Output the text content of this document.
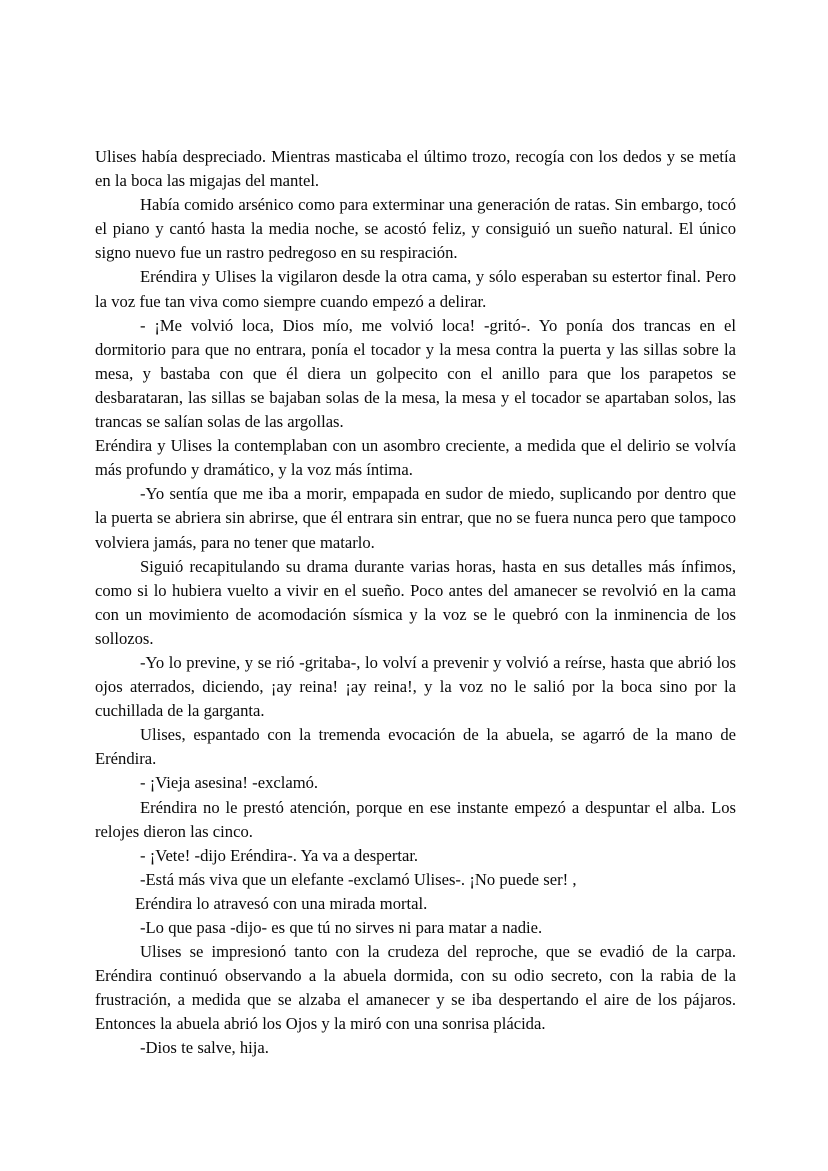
Ulises había despreciado. Mientras masticaba el último trozo, recogía con los dedos y se metía en la boca las migajas del mantel.

Había comido arsénico como para exterminar una generación de ratas. Sin embargo, tocó el piano y cantó hasta la media noche, se acostó feliz, y consiguió un sueño natural. El único signo nuevo fue un rastro pedregoso en su respiración.

Eréndira y Ulises la vigilaron desde la otra cama, y sólo esperaban su estertor final. Pero la voz fue tan viva como siempre cuando empezó a delirar.

- ¡Me volvió loca, Dios mío, me volvió loca! -gritó-. Yo ponía dos trancas en el dormitorio para que no entrara, ponía el tocador y la mesa contra la puerta y las sillas sobre la mesa, y bastaba con que él diera un golpecito con el anillo para que los parapetos se desbarataran, las sillas se bajaban solas de la mesa, la mesa y el tocador se apartaban solos, las trancas se salían solas de las argollas.

Eréndira y Ulises la contemplaban con un asombro creciente, a medida que el delirio se volvía más profundo y dramático, y la voz más íntima.

-Yo sentía que me iba a morir, empapada en sudor de miedo, suplicando por dentro que la puerta se abriera sin abrirse, que él entrara sin entrar, que no se fuera nunca pero que tampoco volviera jamás, para no tener que matarlo.

Siguió recapitulando su drama durante varias horas, hasta en sus detalles más ínfimos, como si lo hubiera vuelto a vivir en el sueño. Poco antes del amanecer se revolvió en la cama con un movimiento de acomodación sísmica y la voz se le quebró con la inminencia de los sollozos.

-Yo lo previne, y se rió -gritaba-, lo volví a prevenir y volvió a reírse, hasta que abrió los ojos aterrados, diciendo, ¡ay reina! ¡ay reina!, y la voz no le salió por la boca sino por la cuchillada de la garganta.

Ulises, espantado con la tremenda evocación de la abuela, se agarró de la mano de Eréndira.

- ¡Vieja asesina! -exclamó.

Eréndira no le prestó atención, porque en ese instante empezó a despuntar el alba. Los relojes dieron las cinco.

- ¡Vete! -dijo Eréndira-. Ya va a despertar.

-Está más viva que un elefante -exclamó Ulises-. ¡No puede ser! ,

Eréndira lo atravesó con una mirada mortal.

-Lo que pasa -dijo- es que tú no sirves ni para matar a nadie.

Ulises se impresionó tanto con la crudeza del reproche, que se evadió de la carpa. Eréndira continuó observando a la abuela dormida, con su odio secreto, con la rabia de la frustración, a medida que se alzaba el amanecer y se iba despertando el aire de los pájaros. Entonces la abuela abrió los Ojos y la miró con una sonrisa plácida.

-Dios te salve, hija.
